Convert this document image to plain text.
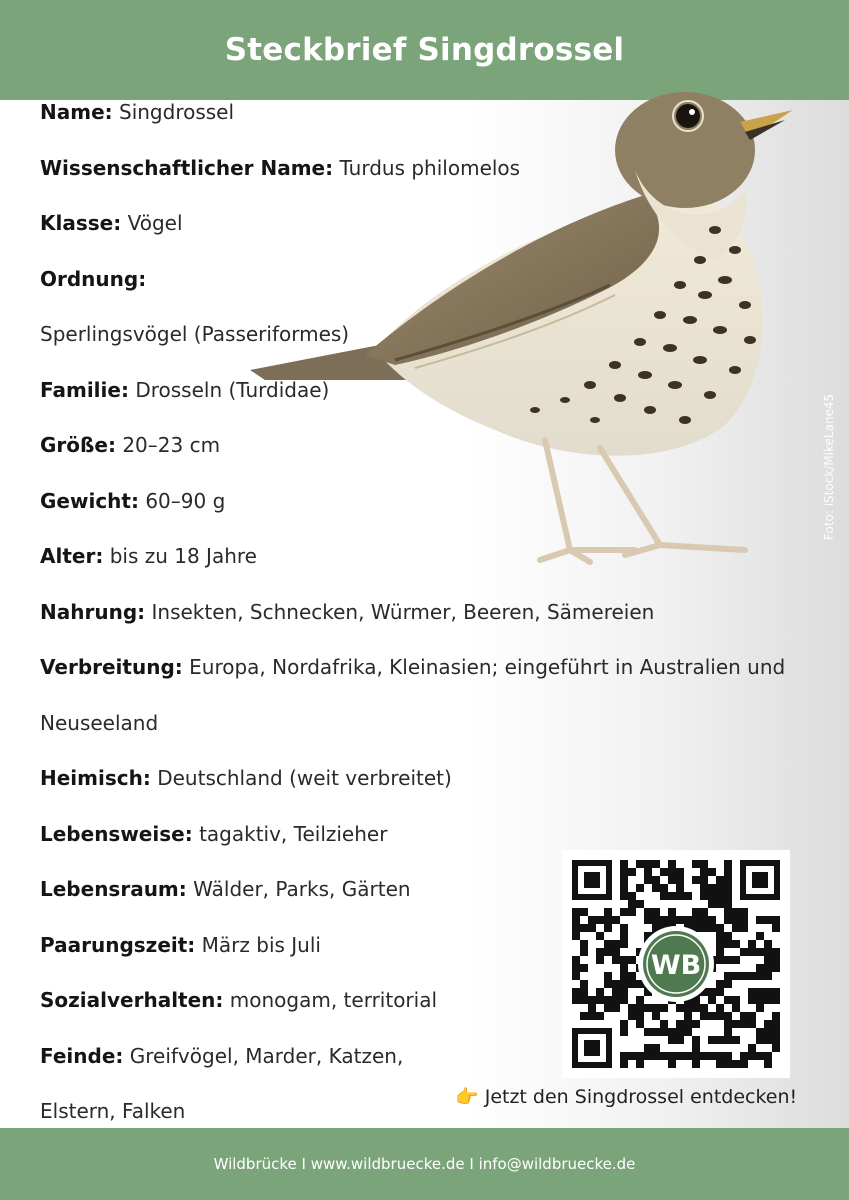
Steckbrief Singdrossel
Foto: iStock/MikeLane45
Name: Singdrossel
Wissenschaftlicher Name: Turdus philomelos
Klasse: Vögel
Ordnung:
Sperlingsvögel (Passeriformes)
Familie: Drosseln (Turdidae)
Größe: 20–23 cm
Gewicht: 60–90 g
Alter: bis zu 18 Jahre
Nahrung: Insekten, Schnecken, Würmer, Beeren, Sämereien
Verbreitung: Europa, Nordafrika, Kleinasien; eingeführt in Australien und
Neuseeland
Heimisch: Deutschland (weit verbreitet)
Lebensweise: tagaktiv, Teilzieher
Lebensraum: Wälder, Parks, Gärten
Paarungszeit: März bis Juli
Sozialverhalten: monogam, territorial
Feinde: Greifvögel, Marder, Katzen,
Elstern, Falken
WB
👉 Jetzt den Singdrossel entdecken!
Wildbrücke I www.wildbruecke.de I info@wildbruecke.de
